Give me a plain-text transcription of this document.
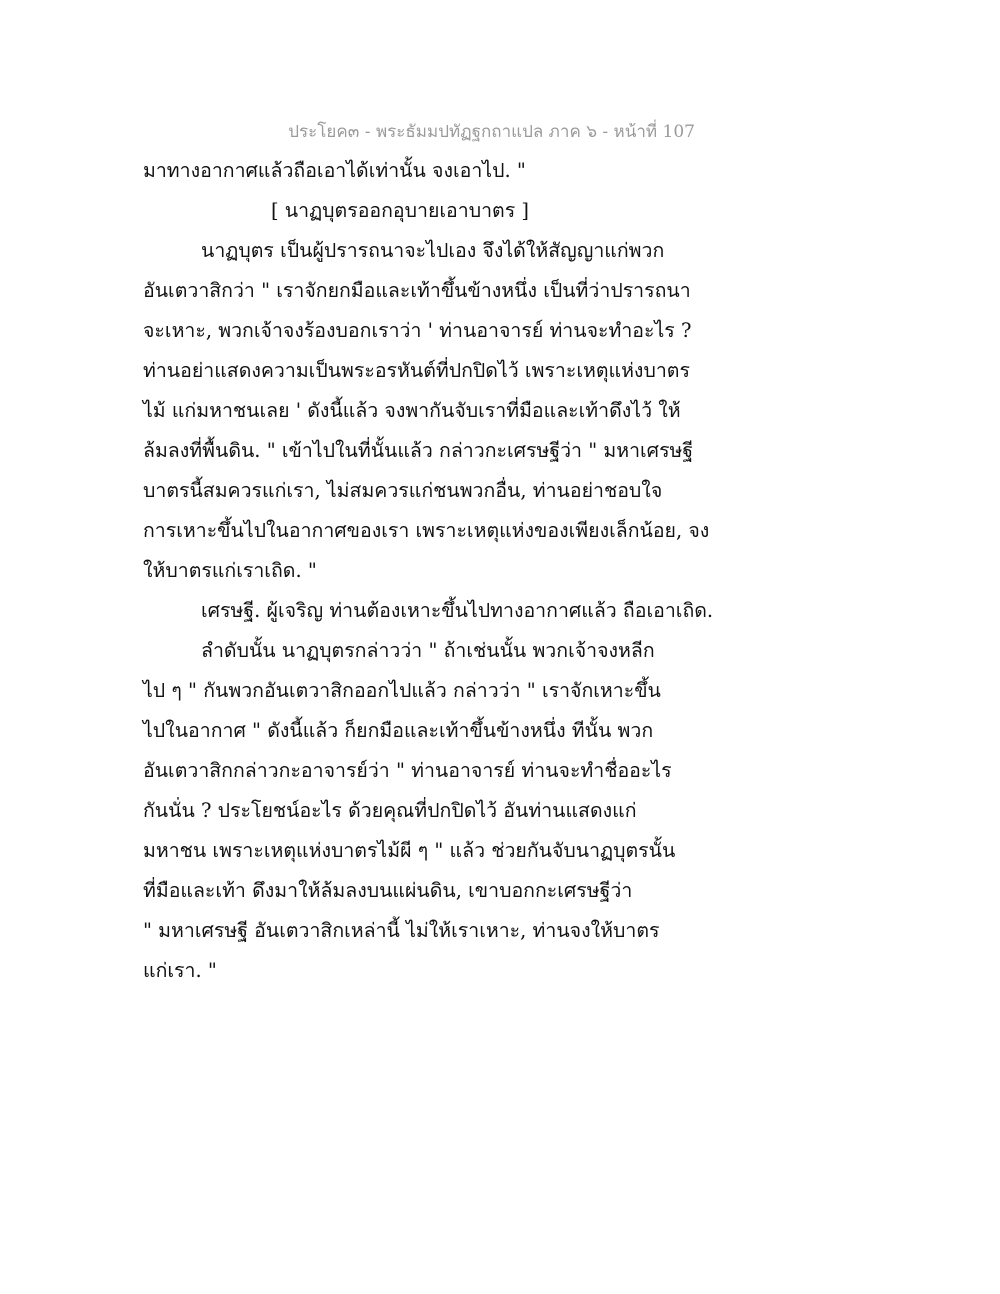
ประโยค๓ - พระธัมมปทัฏฐกถาแปล ภาค ๖ - หน้าที่ 107
มาทางอากาศแล้วถือเอาได้เท่านั้น จงเอาไป. "
[ นาฏบุตรออกอุบายเอาบาตร ]
นาฏบุตร เป็นผู้ปรารถนาจะไปเอง จึงได้ให้สัญญาแก่พวก
อันเตวาสิกว่า " เราจักยกมือและเท้าขึ้นข้างหนึ่ง เป็นที่ว่าปรารถนา
จะเหาะ, พวกเจ้าจงร้องบอกเราว่า ' ท่านอาจารย์ ท่านจะทำอะไร ?
ท่านอย่าแสดงความเป็นพระอรหันต์ที่ปกปิดไว้ เพราะเหตุแห่งบาตร
ไม้ แก่มหาชนเลย ' ดังนี้แล้ว จงพากันจับเราที่มือและเท้าดึงไว้ ให้
ล้มลงที่พื้นดิน. " เข้าไปในที่นั้นแล้ว กล่าวกะเศรษฐีว่า " มหาเศรษฐี
บาตรนี้สมควรแก่เรา, ไม่สมควรแก่ชนพวกอื่น, ท่านอย่าชอบใจ
การเหาะขึ้นไปในอากาศของเรา เพราะเหตุแห่งของเพียงเล็กน้อย, จง
ให้บาตรแก่เราเถิด. "
เศรษฐี. ผู้เจริญ ท่านต้องเหาะขึ้นไปทางอากาศแล้ว ถือเอาเถิด.
ลำดับนั้น นาฏบุตรกล่าวว่า " ถ้าเช่นนั้น พวกเจ้าจงหลีก
ไป ๆ " กันพวกอันเตวาสิกออกไปแล้ว กล่าวว่า " เราจักเหาะขึ้น
ไปในอากาศ " ดังนี้แล้ว ก็ยกมือและเท้าขึ้นข้างหนึ่ง ทีนั้น พวก
อันเตวาสิกกล่าวกะอาจารย์ว่า " ท่านอาจารย์ ท่านจะทำชื่ออะไร
กันนั่น ? ประโยชน์อะไร ด้วยคุณที่ปกปิดไว้ อันท่านแสดงแก่
มหาชน เพราะเหตุแห่งบาตรไม้ผี ๆ " แล้ว ช่วยกันจับนาฏบุตรนั้น
ที่มือและเท้า ดึงมาให้ล้มลงบนแผ่นดิน, เขาบอกกะเศรษฐีว่า
" มหาเศรษฐี อันเตวาสิกเหล่านี้ ไม่ให้เราเหาะ, ท่านจงให้บาตร
แก่เรา. "
